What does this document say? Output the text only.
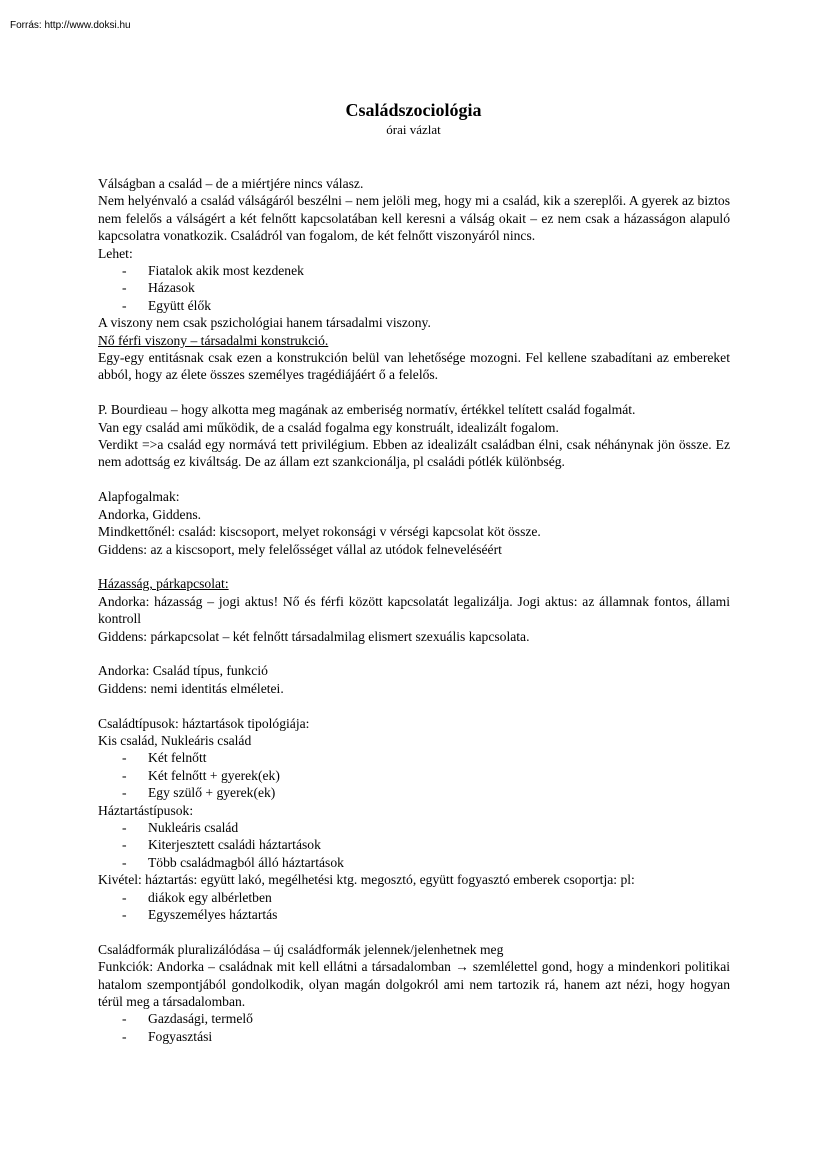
Forrás: http://www.doksi.hu
Családszociológia
órai vázlat

Válságban a család – de a miértjére nincs válasz.

Nem helyénvaló a család válságáról beszélni – nem jelöli meg, hogy mi a család, kik a szereplői. A gyerek az biztos nem felelős a válságért a két felnőtt kapcsolatában kell keresni a válság okait – ez nem csak a házasságon alapuló kapcsolatra vonatkozik. Családról van fogalom, de két felnőtt viszonyáról nincs.

Lehet:

- Fiatalok akik most kezdenek

- Házasok

- Együtt élők

A viszony nem csak pszichológiai hanem társadalmi viszony.

Nő férfi viszony – társadalmi konstrukció.

Egy-egy entitásnak csak ezen a konstrukción belül van lehetősége mozogni. Fel kellene szabadítani az embereket abból, hogy az élete összes személyes tragédiájáért ő a felelős.

P. Bourdieau – hogy alkotta meg magának az emberiség normatív, értékkel telített család fogalmát.

Van egy család ami működik, de a család fogalma egy konstruált, idealizált fogalom.

Verdikt =>a család egy normává tett privilégium. Ebben az idealizált családban élni, csak néhánynak jön össze. Ez nem adottság ez kiváltság. De az állam ezt szankcionálja, pl családi pótlék különbség.

Alapfogalmak:

Andorka, Giddens.

Mindkettőnél: család: kiscsoport, melyet rokonsági v vérségi kapcsolat köt össze.

Giddens: az a kiscsoport, mely felelősséget vállal az utódok felneveléséért

Házasság, párkapcsolat:

Andorka: házasság – jogi aktus! Nő és férfi között kapcsolatát legalizálja. Jogi aktus: az államnak fontos, állami kontroll

Giddens: párkapcsolat – két felnőtt társadalmilag elismert szexuális kapcsolata.

Andorka: Család típus, funkció

Giddens: nemi identitás elméletei.

Családtípusok: háztartások tipológiája:

Kis család, Nukleáris család

- Két felnőtt

- Két felnőtt + gyerek(ek)

- Egy szülő + gyerek(ek)

Háztartástípusok:

- Nukleáris család

- Kiterjesztett családi háztartások

- Több családmagból álló háztartások

Kivétel: háztartás: együtt lakó, megélhetési ktg. megosztó, együtt fogyasztó emberek csoportja: pl:

- diákok egy albérletben

- Egyszemélyes háztartás

Családformák pluralizálódása – új családformák jelennek/jelenhetnek meg

Funkciók: Andorka – családnak mit kell ellátni a társadalomban → szemlélettel gond, hogy a mindenkori politikai hatalom szempontjából gondolkodik, olyan magán dolgokról ami nem tartozik rá, hanem azt nézi, hogy hogyan térül meg a társadalomban.

- Gazdasági, termelő

- Fogyasztási
